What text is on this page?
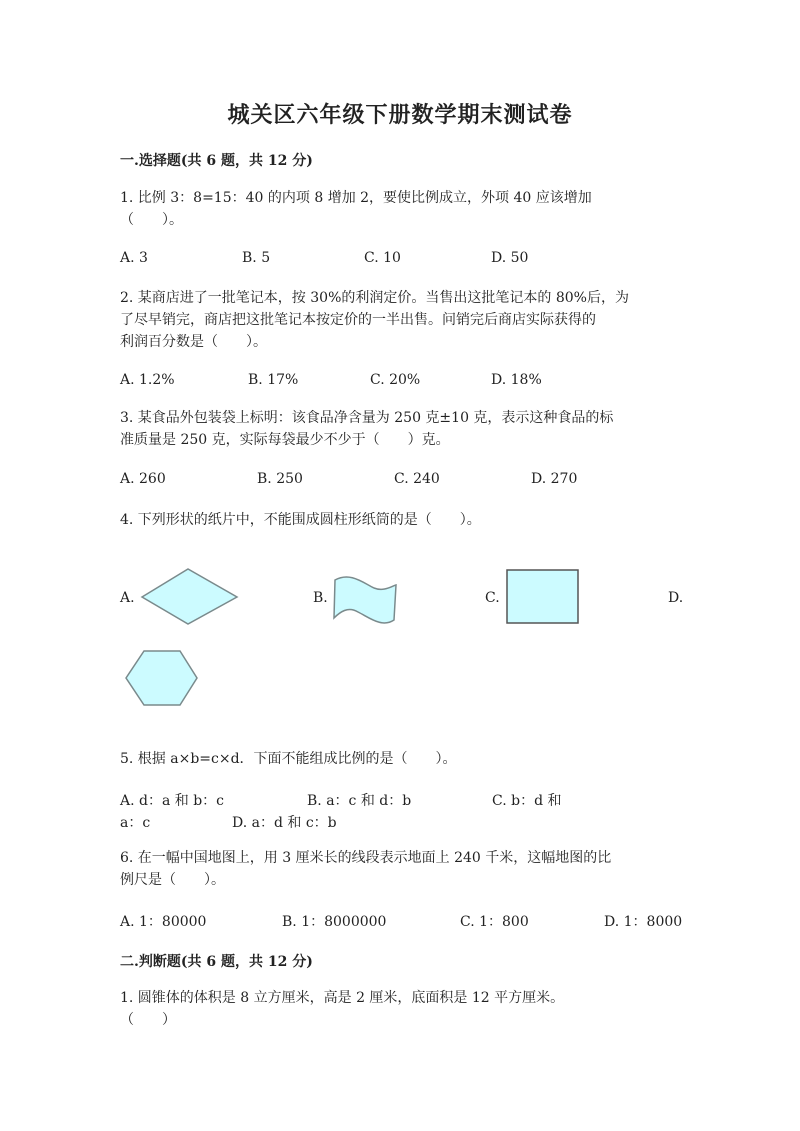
城关区六年级下册数学期末测试卷
一.选择题(共 6 题，共 12 分)
1. 比例 3：8=15：40 的内项 8 增加 2，要使比例成立，外项 40 应该增加
（　　）。
A. 3	B. 5	C. 10	D. 50
2. 某商店进了一批笔记本，按 30%的利润定价。当售出这批笔记本的 80%后，为
了尽早销完，商店把这批笔记本按定价的一半出售。问销完后商店实际获得的
利润百分数是（　　）。
A. 1.2%	B. 17%	C. 20%	D. 18%
3. 某食品外包装袋上标明：该食品净含量为 250 克±10 克，表示这种食品的标
准质量是 250 克，实际每袋最少不少于（　　）克。
A. 260	B. 250	C. 240	D. 270
4. 下列形状的纸片中，不能围成圆柱形纸筒的是（　　）。
A.	B.	C.	D.
5. 根据 a×b=c×d．下面不能组成比例的是（　　）。
A. d：a 和 b：c	B. a：c 和 d：b	C. b：d 和
a：c	D. a：d 和 c：b
6. 在一幅中国地图上，用 3 厘米长的线段表示地面上 240 千米，这幅地图的比
例尺是（　　）。
A. 1：80000	B. 1：8000000	C. 1：800	D. 1：8000
二.判断题(共 6 题，共 12 分)
1. 圆锥体的体积是 8 立方厘米，高是 2 厘米，底面积是 12 平方厘米。
（　　）
